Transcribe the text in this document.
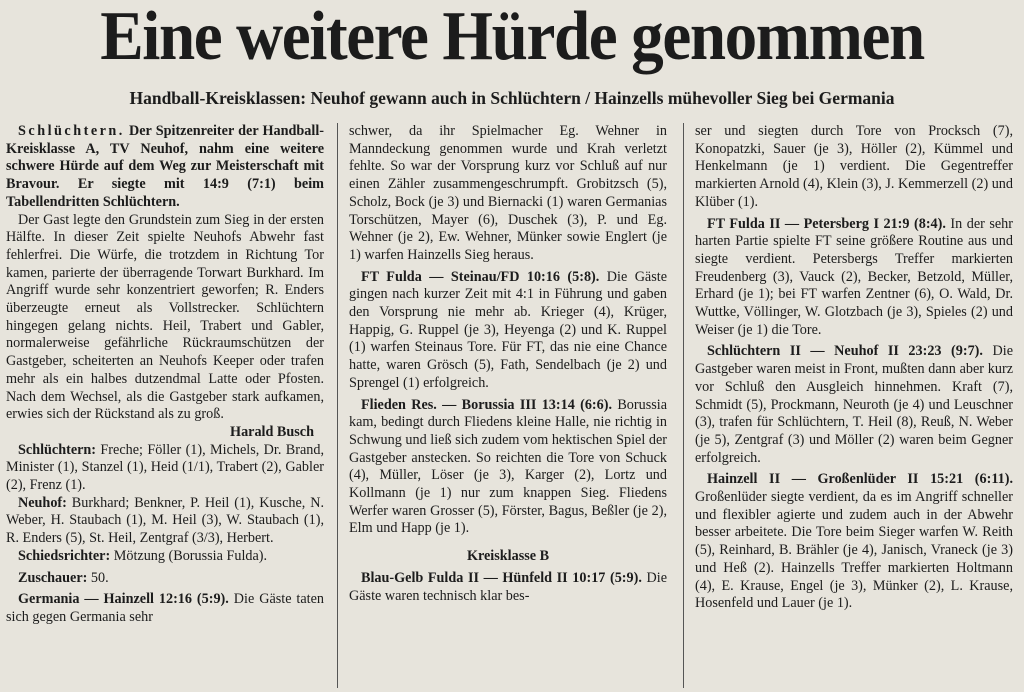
Eine weitere Hürde genommen
Handball-Kreisklassen: Neuhof gewann auch in Schlüchtern / Hainzells mühevoller Sieg bei Germania

Schlüchtern. Der Spitzenreiter der Handball-Kreisklasse A, TV Neuhof, nahm eine weitere schwere Hürde auf dem Weg zur Meisterschaft mit Bravour. Er siegte mit 14:9 (7:1) beim Tabellendritten Schlüchtern.

Der Gast legte den Grundstein zum Sieg in der ersten Hälfte. In dieser Zeit spielte Neuhofs Abwehr fast fehlerfrei. Die Würfe, die trotzdem in Richtung Tor kamen, parierte der überragende Torwart Burkhard. Im Angriff wurde sehr konzentriert geworfen; R. Enders überzeugte erneut als Vollstrecker. Schlüchtern hingegen gelang nichts. Heil, Trabert und Gabler, normalerweise gefährliche Rückraumschützen der Gastgeber, scheiterten an Neuhofs Keeper oder trafen mehr als ein halbes dutzendmal Latte oder Pfosten. Nach dem Wechsel, als die Gastgeber stark aufkamen, erwies sich der Rückstand als zu groß.

Harald Busch

Schlüchtern: Freche; Föller (1), Michels, Dr. Brand, Minister (1), Stanzel (1), Heid (1/1), Trabert (2), Gabler (2), Frenz (1).

Neuhof: Burkhard; Benkner, P. Heil (1), Kusche, N. Weber, H. Staubach (1), M. Heil (3), W. Staubach (1), R. Enders (5), St. Heil, Zentgraf (3/3), Herbert.

Schiedsrichter: Mötzung (Borussia Fulda).

Zuschauer: 50.

Germania — Hainzell 12:16 (5:9). Die Gäste taten sich gegen Germania sehr

schwer, da ihr Spielmacher Eg. Wehner in Manndeckung genommen wurde und Krah verletzt fehlte. So war der Vorsprung kurz vor Schluß auf nur einen Zähler zusammengeschrumpft. Grobitzsch (5), Scholz, Bock (je 3) und Biernacki (1) waren Germanias Torschützen, Mayer (6), Duschek (3), P. und Eg. Wehner (je 2), Ew. Wehner, Münker sowie Englert (je 1) warfen Hainzells Sieg heraus.

FT Fulda — Steinau/FD 10:16 (5:8). Die Gäste gingen nach kurzer Zeit mit 4:1 in Führung und gaben den Vorsprung nie mehr ab. Krieger (4), Krüger, Happig, G. Ruppel (je 3), Heyenga (2) und K. Ruppel (1) warfen Steinaus Tore. Für FT, das nie eine Chance hatte, waren Grösch (5), Fath, Sendelbach (je 2) und Sprengel (1) erfolgreich.

Flieden Res. — Borussia III 13:14 (6:6). Borussia kam, bedingt durch Fliedens kleine Halle, nie richtig in Schwung und ließ sich zudem vom hektischen Spiel der Gastgeber anstecken. So reichten die Tore von Schuck (4), Müller, Löser (je 3), Karger (2), Lortz und Kollmann (je 1) nur zum knappen Sieg. Fliedens Werfer waren Grosser (5), Förster, Bagus, Beßler (je 2), Elm und Happ (je 1).

Kreisklasse B

Blau-Gelb Fulda II — Hünfeld II 10:17 (5:9). Die Gäste waren technisch klar bes-

ser und siegten durch Tore von Procksch (7), Konopatzki, Sauer (je 3), Höller (2), Kümmel und Henkelmann (je 1) verdient. Die Gegentreffer markierten Arnold (4), Klein (3), J. Kemmerzell (2) und Klüber (1).

FT Fulda II — Petersberg I 21:9 (8:4). In der sehr harten Partie spielte FT seine größere Routine aus und siegte verdient. Petersbergs Treffer markierten Freudenberg (3), Vauck (2), Becker, Betzold, Müller, Erhard (je 1); bei FT warfen Zentner (6), O. Wald, Dr. Wuttke, Völlinger, W. Glotzbach (je 3), Spieles (2) und Weiser (je 1) die Tore.

Schlüchtern II — Neuhof II 23:23 (9:7). Die Gastgeber waren meist in Front, mußten dann aber kurz vor Schluß den Ausgleich hinnehmen. Kraft (7), Schmidt (5), Prockmann, Neuroth (je 4) und Leuschner (3), trafen für Schlüchtern, T. Heil (8), Reuß, N. Weber (je 5), Zentgraf (3) und Möller (2) waren beim Gegner erfolgreich.

Hainzell II — Großenlüder II 15:21 (6:11). Großenlüder siegte verdient, da es im Angriff schneller und flexibler agierte und zudem auch in der Abwehr besser arbeitete. Die Tore beim Sieger warfen W. Reith (5), Reinhard, B. Brähler (je 4), Janisch, Vraneck (je 3) und Heß (2). Hainzells Treffer markierten Holtmann (4), E. Krause, Engel (je 3), Münker (2), L. Krause, Hosenfeld und Lauer (je 1).
